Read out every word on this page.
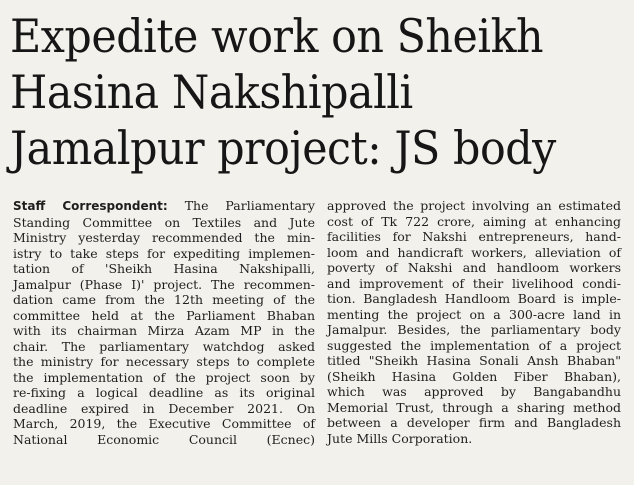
Expedite work on Sheikh
Hasina Nakshipalli
Jamalpur project: JS body
Staff Correspondent: The Parliamentary
Standing Committee on Textiles and Jute
Ministry yesterday recommended the min-
istry to take steps for expediting implemen-
tation of 'Sheikh Hasina Nakshipalli,
Jamalpur (Phase I)' project. The recommen-
dation came from the 12th meeting of the
committee held at the Parliament Bhaban
with its chairman Mirza Azam MP in the
chair. The parliamentary watchdog asked
the ministry for necessary steps to complete
the implementation of the project soon by
re-fixing a logical deadline as its original
deadline expired in December 2021. On
March, 2019, the Executive Committee of
National Economic Council (Ecnec)
approved the project involving an estimated
cost of Tk 722 crore, aiming at enhancing
facilities for Nakshi entrepreneurs, hand-
loom and handicraft workers, alleviation of
poverty of Nakshi and handloom workers
and improvement of their livelihood condi-
tion. Bangladesh Handloom Board is imple-
menting the project on a 300-acre land in
Jamalpur. Besides, the parliamentary body
suggested the implementation of a project
titled "Sheikh Hasina Sonali Ansh Bhaban"
(Sheikh Hasina Golden Fiber Bhaban),
which was approved by Bangabandhu
Memorial Trust, through a sharing method
between a developer firm and Bangladesh
Jute Mills Corporation.
